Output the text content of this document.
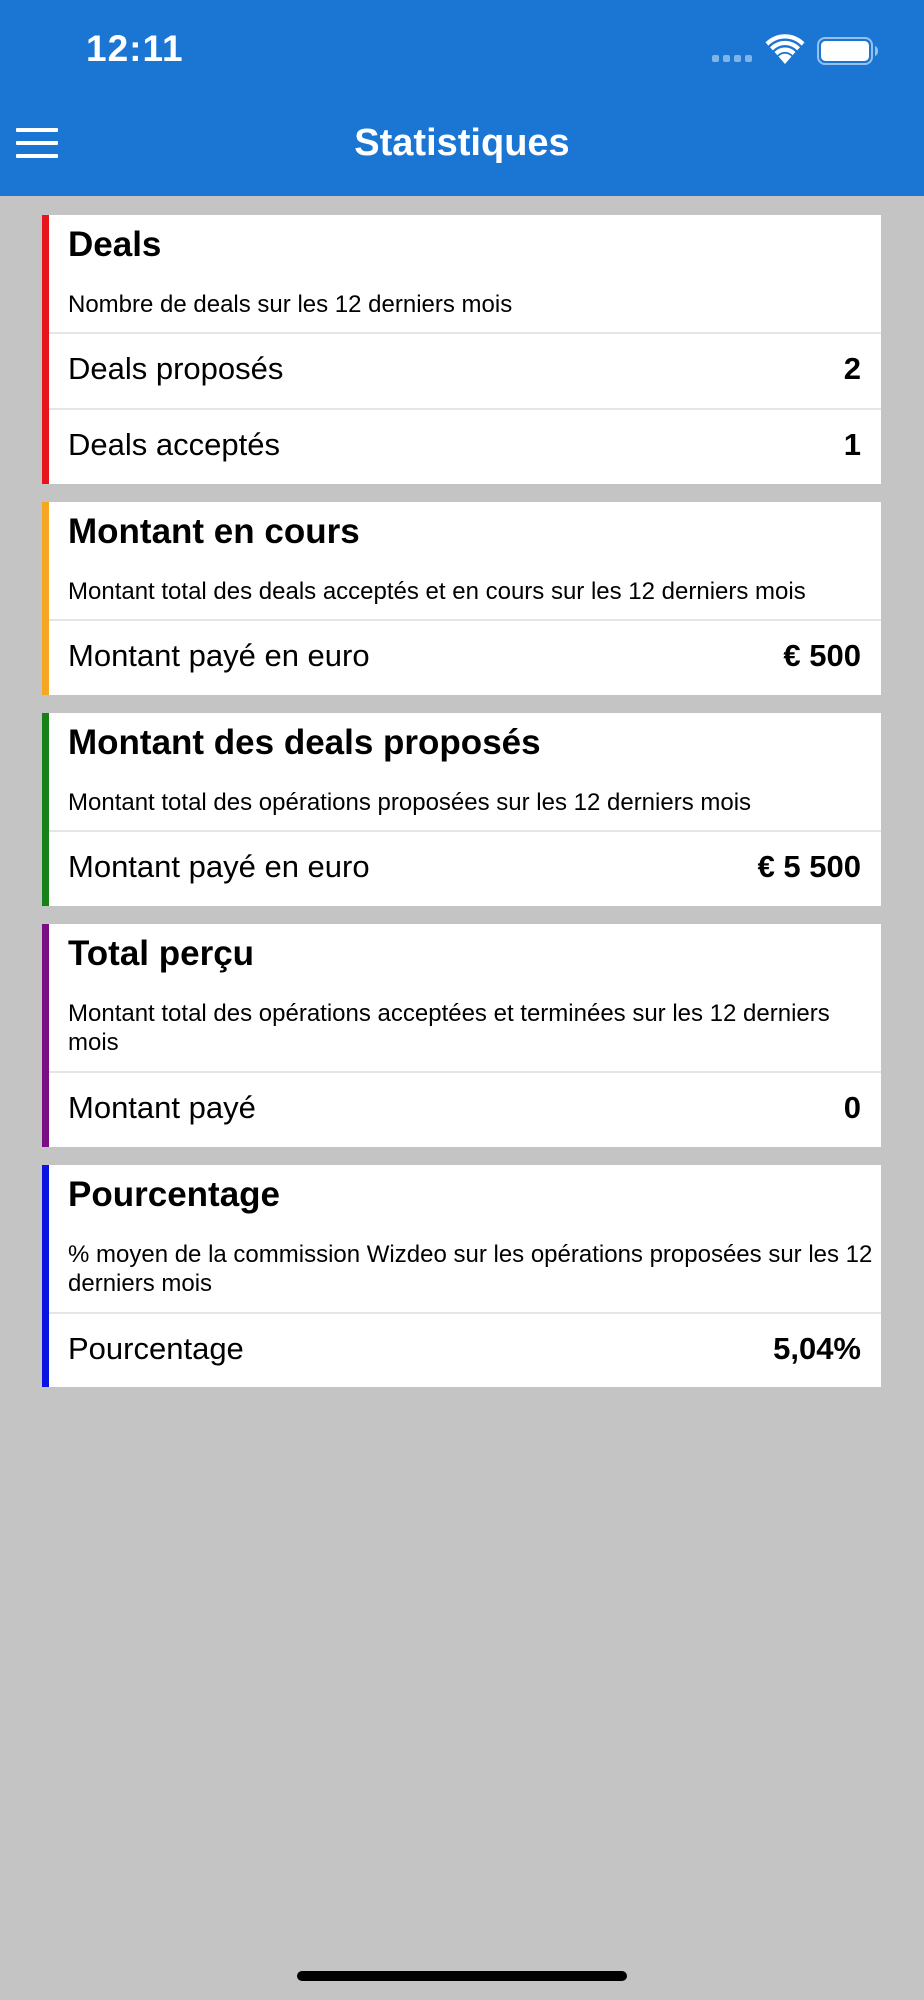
12:11
Statistiques
Deals
Nombre de deals sur les 12 derniers mois
Deals proposés	2
Deals acceptés	1
Montant en cours
Montant total des deals acceptés et en cours sur les 12 derniers mois
Montant payé en euro	€ 500
Montant des deals proposés
Montant total des opérations proposées sur les 12 derniers mois
Montant payé en euro	€ 5 500
Total perçu
Montant total des opérations acceptées et terminées sur les 12 derniers mois
Montant payé	0
Pourcentage
% moyen de la commission Wizdeo sur les opérations proposées sur les 12 derniers mois
Pourcentage	5,04%
